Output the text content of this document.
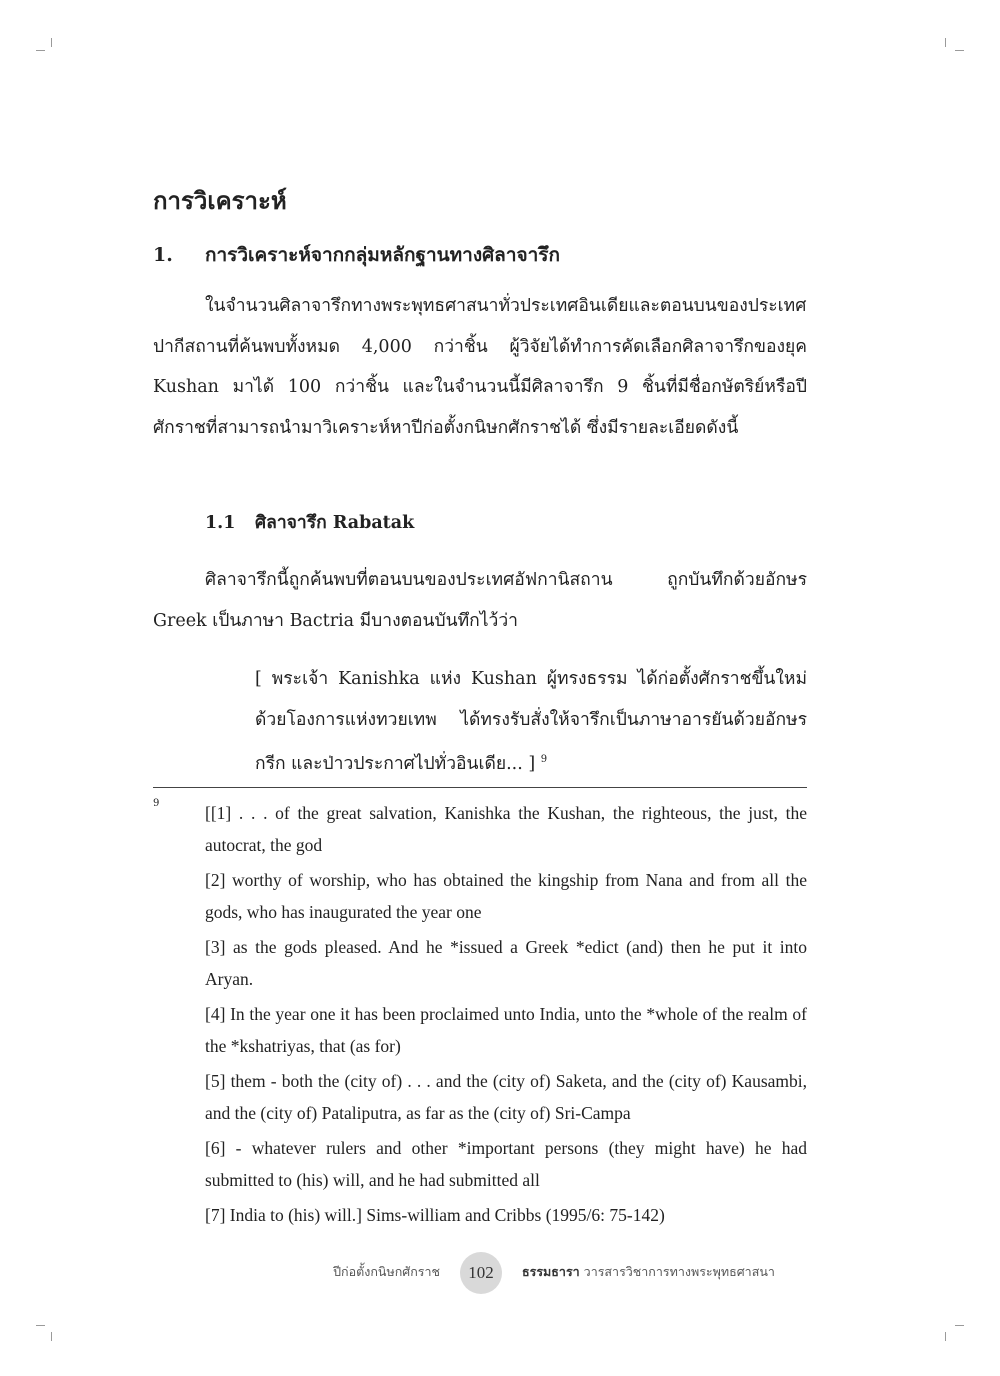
การวิเคราะห์
1. การวิเคราะห์จากกลุ่มหลักฐานทางศิลาจารึก

ในจำนวนศิลาจารึกทางพระพุทธศาสนาทั่วประเทศอินเดียและตอนบนของประเทศปากีสถานที่ค้นพบทั้งหมด 4,000 กว่าชิ้น ผู้วิจัยได้ทำการคัดเลือกศิลาจารึกของยุค Kushan มาได้ 100 กว่าชิ้น และในจำนวนนี้มีศิลาจารึก 9 ชิ้นที่มีชื่อกษัตริย์หรือปีศักราชที่สามารถนำมาวิเคราะห์หาปีก่อตั้งกนิษกศักราชได้ ซึ่งมีรายละเอียดดังนี้

1.1 ศิลาจารึก Rabatak

ศิลาจารึกนี้ถูกค้นพบที่ตอนบนของประเทศอัฟกานิสถาน ถูกบันทึกด้วยอักษร Greek เป็นภาษา Bactria มีบางตอนบันทึกไว้ว่า

[ พระเจ้า Kanishka แห่ง Kushan ผู้ทรงธรรม ได้ก่อตั้งศักราชขึ้นใหม่ด้วยโองการแห่งทวยเทพ ได้ทรงรับสั่งให้จารึกเป็นภาษาอารยันด้วยอักษรกรีก และป่าวประกาศไปทั่วอินเดีย... ] $^9$

9	[[1] . . . of the great salvation, Kanishka the Kushan, the righteous, the just, the autocrat, the god

[2] worthy of worship, who has obtained the kingship from Nana and from all the gods, who has inaugurated the year one

[3] as the gods pleased. And he *issued a Greek *edict (and) then he put it into Aryan.

[4] In the year one it has been proclaimed unto India, unto the *whole of the realm of the *kshatriyas, that (as for)

[5] them - both the (city of) . . . and the (city of) Saketa, and the (city of) Kausambi, and the (city of) Pataliputra, as far as the (city of) Sri-Campa

[6] - whatever rulers and other *important persons (they might have) he had submitted to (his) will, and he had submitted all

[7] India to (his) will.] Sims-william and Cribbs (1995/6: 75-142)

ปีก่อตั้งกนิษกศักราช 102 ธรรมธารา วารสารวิชาการทางพระพุทธศาสนา
